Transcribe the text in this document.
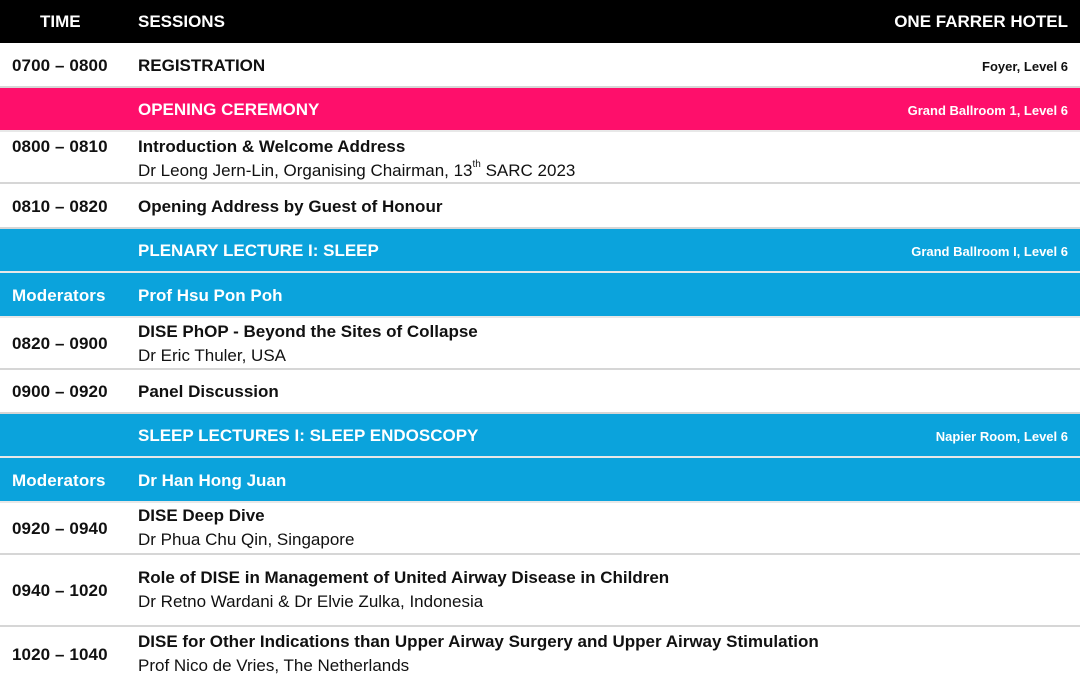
TIME	SESSIONS	ONE FARRER HOTEL
0700 – 0800 REGISTRATION	Foyer, Level 6
OPENING CEREMONY	Grand Ballroom 1, Level 6
0800 – 0810 Introduction & Welcome Address
Dr Leong Jern-Lin, Organising Chairman, 13th SARC 2023
0810 – 0820 Opening Address by Guest of Honour
PLENARY LECTURE I: SLEEP	Grand Ballroom I, Level 6
Moderators Prof Hsu Pon Poh
0820 – 0900
DISE PhOP - Beyond the Sites of Collapse
Dr Eric Thuler, USA
0900 – 0920 Panel Discussion
SLEEP LECTURES I: SLEEP ENDOSCOPY	Napier Room, Level 6
Moderators Dr Han Hong Juan
0920 – 0940
DISE Deep Dive
Dr Phua Chu Qin, Singapore
0940 – 1020
Role of DISE in Management of United Airway Disease in Children
Dr Retno Wardani & Dr Elvie Zulka, Indonesia
1020 – 1040
DISE for Other Indications than Upper Airway Surgery and Upper Airway Stimulation
Prof Nico de Vries, The Netherlands
